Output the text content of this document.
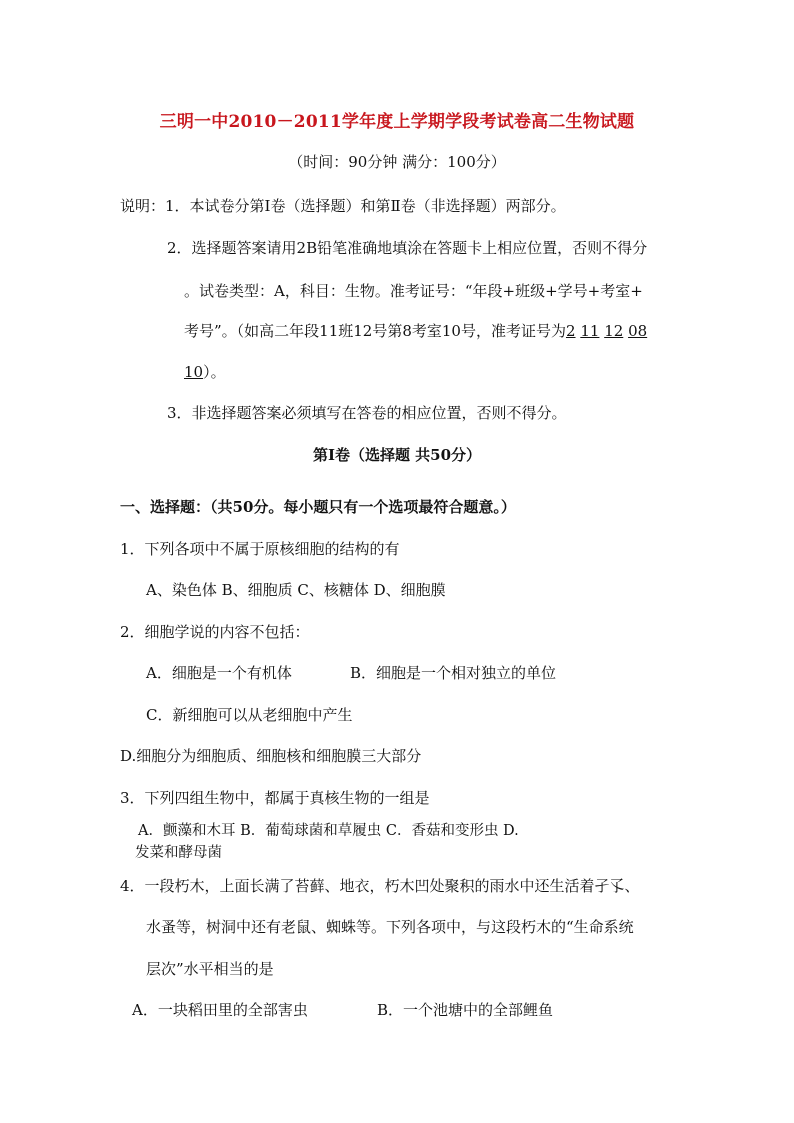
三明一中2010－2011学年度上学期学段考试卷高二生物试题
（时间：90分钟 满分：100分）
说明：1．本试卷分第Ⅰ卷（选择题）和第Ⅱ卷（非选择题）两部分。
2．选择题答案请用2B铅笔准确地填涂在答题卡上相应位置，否则不得分
。试卷类型：A，科目：生物。准考证号：“年段+班级+学号+考室+
考号”。（如高二年段11班12号第8考室10号，准考证号为2 11 12 08
10）。
3．非选择题答案必须填写在答卷的相应位置，否则不得分。
第Ⅰ卷（选择题 共50分）
一、选择题：（共50分。每小题只有一个选项最符合题意。）
1．下列各项中不属于原核细胞的结构的有
A、染色体 B、细胞质 C、核糖体 D、细胞膜
2．细胞学说的内容不包括：
A．细胞是一个有机体	B．细胞是一个相对独立的单位
C．新细胞可以从老细胞中产生
D.细胞分为细胞质、细胞核和细胞膜三大部分
3．下列四组生物中，都属于真核生物的一组是
A．颤藻和木耳 B．葡萄球菌和草履虫 C．香菇和变形虫 D.
发菜和酵母菌
4．一段朽木，上面长满了苔藓、地衣，朽木凹处聚积的雨水中还生活着孑孓、
水蚤等，树洞中还有老鼠、蜘蛛等。下列各项中，与这段朽木的“生命系统
层次”水平相当的是
A．一块稻田里的全部害虫	B．一个池塘中的全部鲤鱼
